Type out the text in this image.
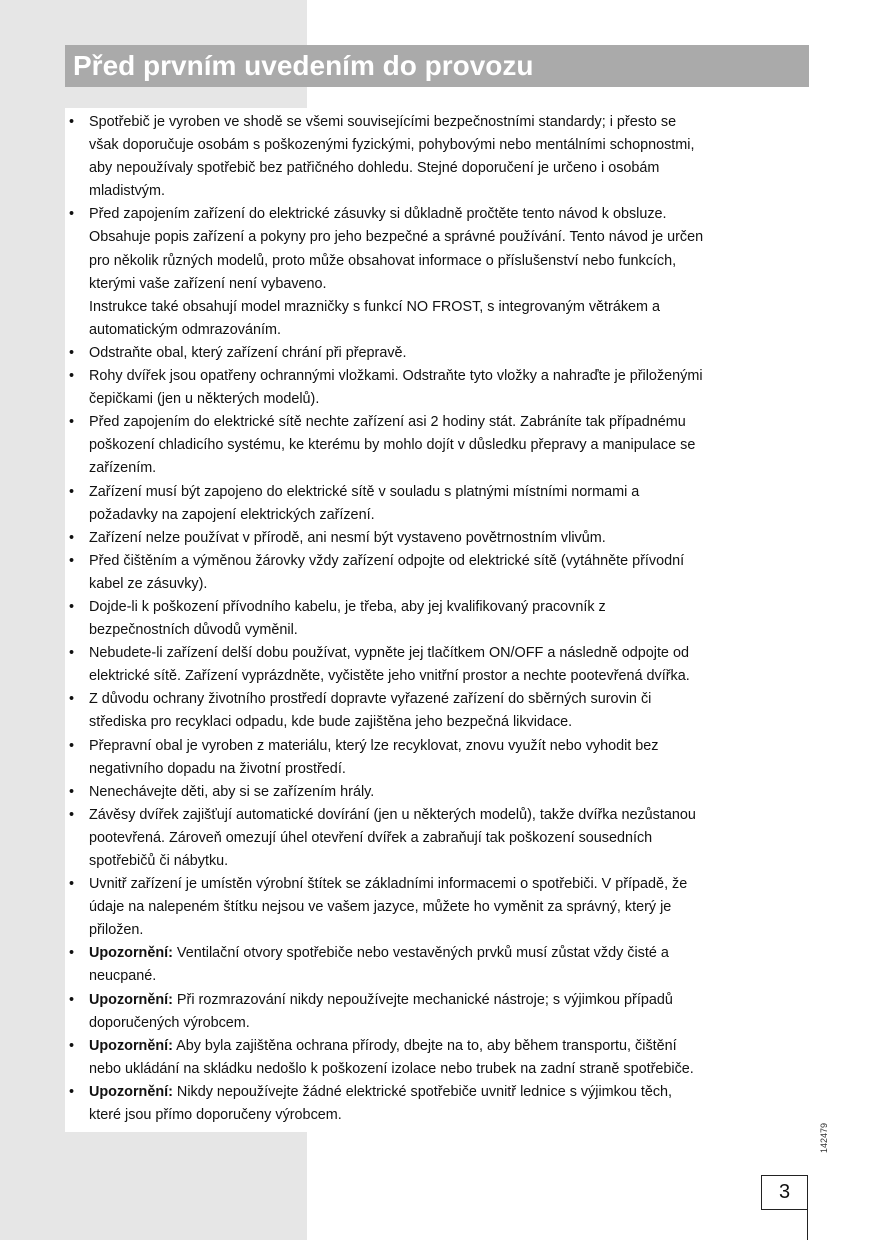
Před prvním uvedením do provozu
• Spotřebič je vyroben ve shodě se všemi souvisejícími bezpečnostními standardy; i přesto se
však doporučuje osobám s poškozenými fyzickými, pohybovými nebo mentálními schopnostmi,
aby nepoužívaly spotřebič bez patřičného dohledu. Stejné doporučení je určeno i osobám
mladistvým.
• Před zapojením zařízení do elektrické zásuvky si důkladně pročtěte tento návod k obsluze.
Obsahuje popis zařízení a pokyny pro jeho bezpečné a správné používání. Tento návod je určen
pro několik různých modelů, proto může obsahovat informace o příslušenství nebo funkcích,
kterými vaše zařízení není vybaveno.
Instrukce také obsahují model mrazničky s funkcí NO FROST, s integrovaným větrákem a
automatickým odmrazováním.
• Odstraňte obal, který zařízení chrání při přepravě.
• Rohy dvířek jsou opatřeny ochrannými vložkami. Odstraňte tyto vložky a nahraďte je přiloženými
čepičkami (jen u některých modelů).
• Před zapojením do elektrické sítě nechte zařízení asi 2 hodiny stát. Zabráníte tak případnému
poškození chladicího systému, ke kterému by mohlo dojít v důsledku přepravy a manipulace se
zařízením.
• Zařízení musí být zapojeno do elektrické sítě v souladu s platnými místními normami a
požadavky na zapojení elektrických zařízení.
• Zařízení nelze používat v přírodě, ani nesmí být vystaveno povětrnostním vlivům.
• Před čištěním a výměnou žárovky vždy zařízení odpojte od elektrické sítě (vytáhněte přívodní
kabel ze zásuvky).
• Dojde-li k poškození přívodního kabelu, je třeba, aby jej kvalifikovaný pracovník z
bezpečnostních důvodů vyměnil.
• Nebudete-li zařízení delší dobu používat, vypněte jej tlačítkem ON/OFF a následně odpojte od
elektrické sítě. Zařízení vyprázdněte, vyčistěte jeho vnitřní prostor a nechte pootevřená dvířka.
• Z důvodu ochrany životního prostředí dopravte vyřazené zařízení do sběrných surovin či
střediska pro recyklaci odpadu, kde bude zajištěna jeho bezpečná likvidace.
• Přepravní obal je vyroben z materiálu, který lze recyklovat, znovu využít nebo vyhodit bez
negativního dopadu na životní prostředí.
• Nenechávejte děti, aby si se zařízením hrály.
• Závěsy dvířek zajišťují automatické dovírání (jen u některých modelů), takže dvířka nezůstanou
pootevřená. Zároveň omezují úhel otevření dvířek a zabraňují tak poškození sousedních
spotřebičů či nábytku.
• Uvnitř zařízení je umístěn výrobní štítek se základními informacemi o spotřebiči. V případě, že
údaje na nalepeném štítku nejsou ve vašem jazyce, můžete ho vyměnit za správný, který je
přiložen.
• Upozornění: Ventilační otvory spotřebiče nebo vestavěných prvků musí zůstat vždy čisté a
neucpané.
• Upozornění: Při rozmrazování nikdy nepoužívejte mechanické nástroje; s výjimkou případů
doporučených výrobcem.
• Upozornění: Aby byla zajištěna ochrana přírody, dbejte na to, aby během transportu, čištění
nebo ukládání na skládku nedošlo k poškození izolace nebo trubek na zadní straně spotřebiče.
• Upozornění: Nikdy nepoužívejte žádné elektrické spotřebiče uvnitř lednice s výjimkou těch,
které jsou přímo doporučeny výrobcem.
142479
3
